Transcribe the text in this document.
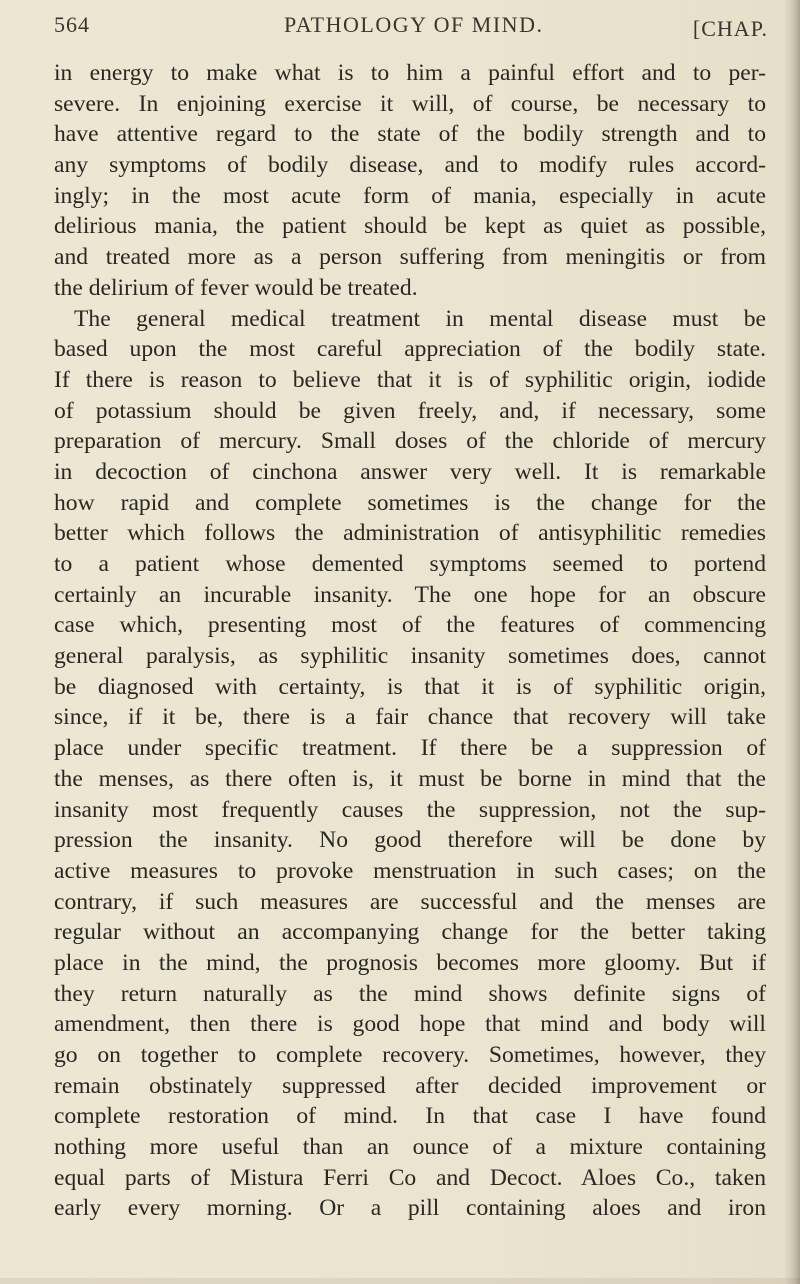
564	PATHOLOGY OF MIND.	[CHAP.
in energy to make what is to him a painful effort and to per-
severe. In enjoining exercise it will, of course, be necessary to
have attentive regard to the state of the bodily strength and to
any symptoms of bodily disease, and to modify rules accord-
ingly; in the most acute form of mania, especially in acute
delirious mania, the patient should be kept as quiet as possible,
and treated more as a person suffering from meningitis or from
the delirium of fever would be treated.
The general medical treatment in mental disease must be
based upon the most careful appreciation of the bodily state.
If there is reason to believe that it is of syphilitic origin, iodide
of potassium should be given freely, and, if necessary, some
preparation of mercury. Small doses of the chloride of mercury
in decoction of cinchona answer very well. It is remarkable
how rapid and complete sometimes is the change for the
better which follows the administration of antisyphilitic remedies
to a patient whose demented symptoms seemed to portend
certainly an incurable insanity. The one hope for an obscure
case which, presenting most of the features of commencing
general paralysis, as syphilitic insanity sometimes does, cannot
be diagnosed with certainty, is that it is of syphilitic origin,
since, if it be, there is a fair chance that recovery will take
place under specific treatment. If there be a suppression of
the menses, as there often is, it must be borne in mind that the
insanity most frequently causes the suppression, not the sup-
pression the insanity. No good therefore will be done by
active measures to provoke menstruation in such cases; on the
contrary, if such measures are successful and the menses are
regular without an accompanying change for the better taking
place in the mind, the prognosis becomes more gloomy. But if
they return naturally as the mind shows definite signs of
amendment, then there is good hope that mind and body will
go on together to complete recovery. Sometimes, however, they
remain obstinately suppressed after decided improvement or
complete restoration of mind. In that case I have found
nothing more useful than an ounce of a mixture containing
equal parts of Mistura Ferri Co and Decoct. Aloes Co., taken
early every morning. Or a pill containing aloes and iron
